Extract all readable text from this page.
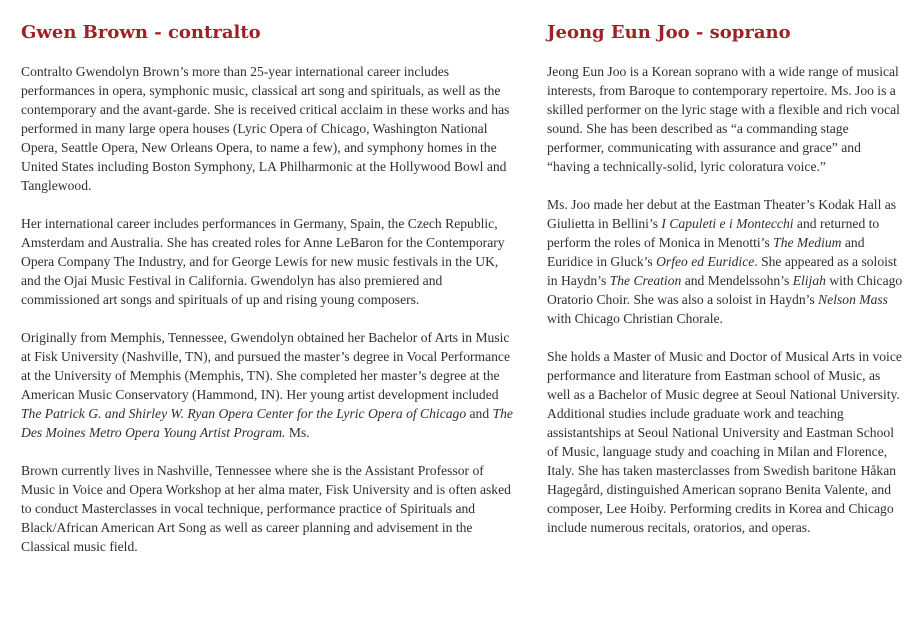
Gwen Brown - contralto

Contralto Gwendolyn Brown’s more than 25-year international career includes performances in opera, symphonic music, classical art song and spirituals, as well as the contemporary and the avant-garde. She is received critical acclaim in these works and has performed in many large opera houses (Lyric Opera of Chicago, Washington National Opera, Seattle Opera, New Orleans Opera, to name a few), and symphony homes in the United States including Boston Symphony, LA Philharmonic at the Hollywood Bowl and Tanglewood.

Her international career includes performances in Germany, Spain, the Czech Republic, Amsterdam and Australia. She has created roles for Anne LeBaron for the Contemporary Opera Company The Industry, and for George Lewis for new music festivals in the UK, and the Ojai Music Festival in California. Gwendolyn has also premiered and commissioned art songs and spirituals of up and rising young composers.

Originally from Memphis, Tennessee, Gwendolyn obtained her Bachelor of Arts in Music at Fisk University (Nashville, TN), and pursued the master’s degree in Vocal Performance at the University of Memphis (Memphis, TN). She completed her master’s degree at the American Music Conservatory (Hammond, IN). Her young artist development included The Patrick G. and Shirley W. Ryan Opera Center for the Lyric Opera of Chicago and The Des Moines Metro Opera Young Artist Program. Ms.

Brown currently lives in Nashville, Tennessee where she is the Assistant Professor of Music in Voice and Opera Workshop at her alma mater, Fisk University and is often asked to conduct Masterclasses in vocal technique, performance practice of Spirituals and Black/African American Art Song as well as career planning and advisement in the Classical music field.

Jeong Eun Joo - soprano

Jeong Eun Joo is a Korean soprano with a wide range of musical interests, from Baroque to contemporary repertoire. Ms. Joo is a skilled performer on the lyric stage with a flexible and rich vocal sound. She has been described as “a commanding stage performer, communicating with assurance and grace” and “having a technically-solid, lyric coloratura voice.”

Ms. Joo made her debut at the Eastman Theater’s Kodak Hall as Giulietta in Bellini’s I Capuleti e i Montecchi and returned to perform the roles of Monica in Menotti’s The Medium and Euridice in Gluck’s Orfeo ed Euridice. She appeared as a soloist in Haydn’s The Creation and Mendelssohn’s Elijah with Chicago Oratorio Choir. She was also a soloist in Haydn’s Nelson Mass with Chicago Christian Chorale.

She holds a Master of Music and Doctor of Musical Arts in voice performance and literature from Eastman school of Music, as well as a Bachelor of Music degree at Seoul National University. Additional studies include graduate work and teaching assistantships at Seoul National University and Eastman School of Music, language study and coaching in Milan and Florence, Italy. She has taken masterclasses from Swedish baritone Håkan Hagegård, distinguished American soprano Benita Valente, and composer, Lee Hoiby. Performing credits in Korea and Chicago include numerous recitals, oratorios, and operas.
